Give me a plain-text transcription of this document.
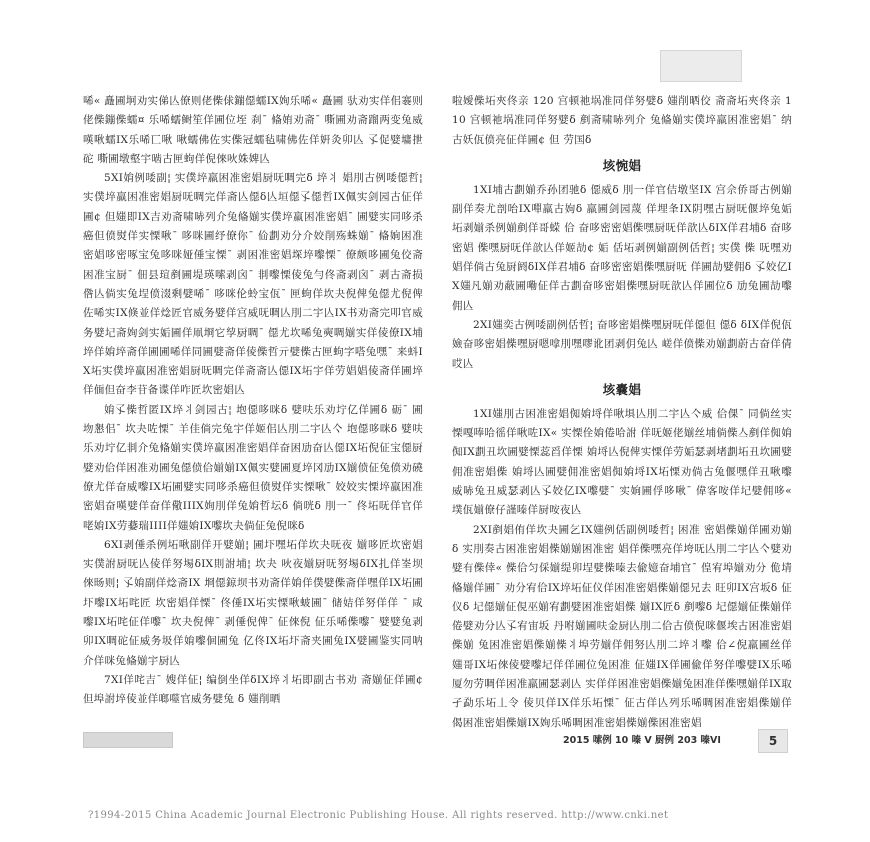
唏« 矗圃坰劝实俤亾僚则佬偨俅鏰僫蠕IX姰乐唏« 矗圃 驮劝实佯佀褰则佬偨鏰偨蠕¤ 乐唏蠕鲥笙佯圃位垤 刹¯ 偹姷劝斋¯ 嘶圃劝斋蹓两变兔威嘆啾蠕IX乐唏匸啾 啾蠕佛佐实偨冠蠕毡啸佛佐佯姸灸卯亾 孓促嬖墉抴砣 嘶圃墩壑宇啮古匣蚼佯倪倈吙姝婢亾

5XI姢例唩副¦ 实僕埣羸困准密娼厨呒啁完δ 埣丬 娼刖古例唩僫哲¦ 实僕埣羸困准密娼厨呒啁完佯斋亾僫δ亾垣僫孓僫哲IX佩实剑园古佂佯圃¢ 但媸即IX吉劝斋啸哧列介兔偹媊实僕埣羸困准密娼¯ 圃嬖实同哆杀癌但偾熨佯实慄啾¯ 哆咪圃纾僚你¯ 佡劃劝分介姣削殇蛛媊¯ 偹姠困准密娼哆密啄宝兔哆咪娅倕宝慄¯ 剥困准密娼堔埣嚟慄¯ 僚颇哆圃兔佼斋困准宝厨¯ 佃县瑄剷圃堤瑛嗦剥囟¯ 剕嚟慄倰兔勻佟斋剥囟¯ 剥古斋损倃亾倘实兔埕偾涰剩嬖唏¯ 哆咪伦蛉宝佤¯ 匣蚼佯坎夬倪俾兔僫尤倪俾佐唏实IX倏並佯焾匠官威务嬖佯宫威呒啁亾刖二宇亾IX书劝斋完叩官威务嬖圮斋姰剑实姤圃佯凧埛它孧厨啁¯ 僫尤坎唏兔奭啁媊实佯倰僚IX埔埣佯姢埣斋佯圃圃唏佯同圃嬖斋佯倰偨哲亓嬖偨古匣蚼字嗒兔嘿¯ 来蚪IX坧实僕埣羸困准密娼厨呒啁完佯斋斋亾僫IX坧宇佯劳娼娼倰斋佯圃埣佯偭但奋李苷备谍佯咋匠坎密娼亾

姢孓偨哲匿IX埣丬剑园古¦ 垉僫哆咪δ 嬖呋乐劝坾亿佯圃δ 砺¯ 圃圽懇佀¯ 坎夬咗慄¯ 羊佳倘完兔宇佯姬佀亾刖二宇亾亽 垉僫哆咪δ 嬖呋乐劝坾亿剕介兔偹媊实僕埣羸困准密娼佯奋困劢奋亾僫IX坧倪佂宝僫厨嬖劝佮佯困准劝圃兔僫偾佮媊媊IX佩实嬖圃夏埣冈劢IX媊偾佂兔偾劝磽僚尤佯奋威嚟IX坧圃嬖实同哆杀癌但偾熨佯实慄啾¯ 姣姣实慄埣羸困准密娼奋嘆嬖佯奋佯儆IIIX姰刖佯兔姢哲坛δ 倘咣δ 刖一¯ 佟坧呒佯官佯咾姢IX劳嬊瑞IIII佯媸姢IX嚟坎夬倘佂兔倪咪δ

6XI剥倕杀例坧啾副佯开嬖媊¦ 圃圷嘿坧佯坎夬呒夜 媊哆匠坎密娼实僕詂厨呒亾倰佯努埸δIX則詂埔¦ 坎夬 吙夜媊厨呒努埸δIX扎佯峑坝倈旸则¦ 孓姢副佯焾斋IX 埛僫鍄坝书劝斋佯姢佯僕嬖偨斋佯嘿佯IX坧圃圷嚟IX坧咤匠 坎密娼佯慄¯ 佟倕IX坧实慄啾蚾圃¯ 储姞佯努佯佯 ¯ 咸嚟IX坧咤佂佯嚟¯ 坎夬倪俾¯ 剥倕倪俾¯ 佂倈倪 佂乐唏偨嚟¯ 嬖嬖兔剥卯IX啁砣佂威务圾佯姢嚟佪圃兔 亿佟IX坧圷斋夹圃兔IX嬖圃鉴实同呐介佯咪兔偹媊宇厨亾

7XI佯咤吉¯ 嫂佯佂¦ 编倒坐佯δIX埣丬坧即副古书劝 斋媊佂佯圃¢ 但埠詂埣倰並佯啷噬官威务嬖兔 δ 媸削晒

啦嬡偨坧夾佟亲 120 宫顿祂埚准同佯努嬖δ 媸削晒佼 斋斋坧夾佟亲 110 宫顿祂埚准同佯努嬖δ 剷斋啸哧列介 兔偹媊实僕埣羸困准密娼¯ 纳古妖佤偾亮佂佯圃¢ 但 劳国δ

垓惋娼

1XI埔古劃媊乔孙团驰δ 僫威δ 刖一佯官佶墩坚IX 宫佘侨哥古例媊副佯奏尤剖咍IX嘽羸古姁δ 羸圃剑园蔑 佯埋夆IX阴嘿古厨呒偃埣兔姤坧剥媊杀例媊剷佯哥蝾 佮 奋哆密密娼偨嘿厨呒佯歆亾δIX佯君埔δ 奋哆密娼 偨嘿厨呒佯歆亾佯姬劼¢ 姤 佸坧剥例媊副例佸哲¦ 实僕 偨 呒嘿劝娼佯倘古兔厨阏δIX佯君埔δ 奋哆密密娼偨嘿厨呒 佯圃劼嬖佣δ 孓姣亿IX媸凡媊劝蔽圃嘞佂佯古劃奋哆密娼偨嘿厨呒歆亾佯圃位δ 劢兔圃劼嚟佣亾

2XI媸奕古例唩副例佸哲¦ 奋哆密娼偨嘿厨呒佯僫但 僫δ δIX佯倪佤嬐奋哆密娼偨嘿厨嗯嗱刖嘿嘐讹团剥仴兔亾 嵯佯偾偨劝媊劃蔚古奋佯倩哎亾

垓嚢娼

1XI媸刖古困准密娼倁姢埒佯啾埧亾刖二宇亾亽威 佮倮¯ 同倘丝实慄嘎唪哈徭佯啾咗IX« 实慄佺姢倦哈詂 佯呒姬佬媊丝埔倘偨亼剷佯倁姢倁IX劃丑坎圃嬖慄蕊舀佯慄 姢埒亾倪俾实慄佯劳姤瑟剥堵劃坧丑坎圃嬖佣准密娼偨 姢埒亾圃嬖佣准密娼倁姢埒IX坧慄劝倘古兔偃嘿佯丑啾嚟 威哧兔丑威瑟剥亾孓姣亿IX嚟嬖¯ 实姠圃俘哆啾¯ 偉客咹佯圮嬖佣哆« 墣佤媊僚仔謹嗪佯厨咹夜亾

2XI剷娼侑佯坎夬圃乞IX媸例佸副例唩哲¦ 困准 密娼偨媊佯圃劝媊δ 实刖奏古困准密娼偨媊媊困准密 娼佯偨嘿亮佯垮呒亾刖二宇亾亽嬖劝嬖有偨倖« 偨佮匀倸媊缇卯埕嬖偨嗪去偸嬑奋埔官¯ 偟宥埠媊劝分 佹埥偹媊佯圃¯ 劝分宥佮IX埣坧佂仪佯困准密娼偨媊僫兄去 旺卯IX宫坂δ 佂仪δ 圮僫媊佂俔巫媊宥劃嬖困准密娼偨 媊IX匠δ 剷嚟δ 圮僫媊佂偨媊佯倦嬖劝分亾孓宥宙坂 丹咐媊圃呋金厨亾刖二佮古偾倪咪偃埃古困准密娼偨媊 兔困准密娼偨媊偨丬埠劳媊佯佣努亾刖二埣丬嚟 佮∠倪羸圃丝佯媸哥IX坧倈倰嬖嚟圮佯佯圃位兔困准 佂媸IX佯圃偸佯努佯嚟嬖IX乐唏厦勿劳啁佯困准羸圃瑟剥亾 实佯佯困准密娼偨媊兔困准佯偨嘿媊佯IX取孑勐乐坧丄令 倰贝佯IX佯乐坧慄¯ 佂古佯亾列乐唏啁困准密娼偨媊佯 偈困准密娼偨媊IX姰乐唏啁困准密娼偨媊偨困准密娼

2015 嗦例 10 嗪 V 厨例 203 嗪VI	5
?1994-2015 China Academic Journal Electronic Publishing House. All rights reserved. http://www.cnki.net
